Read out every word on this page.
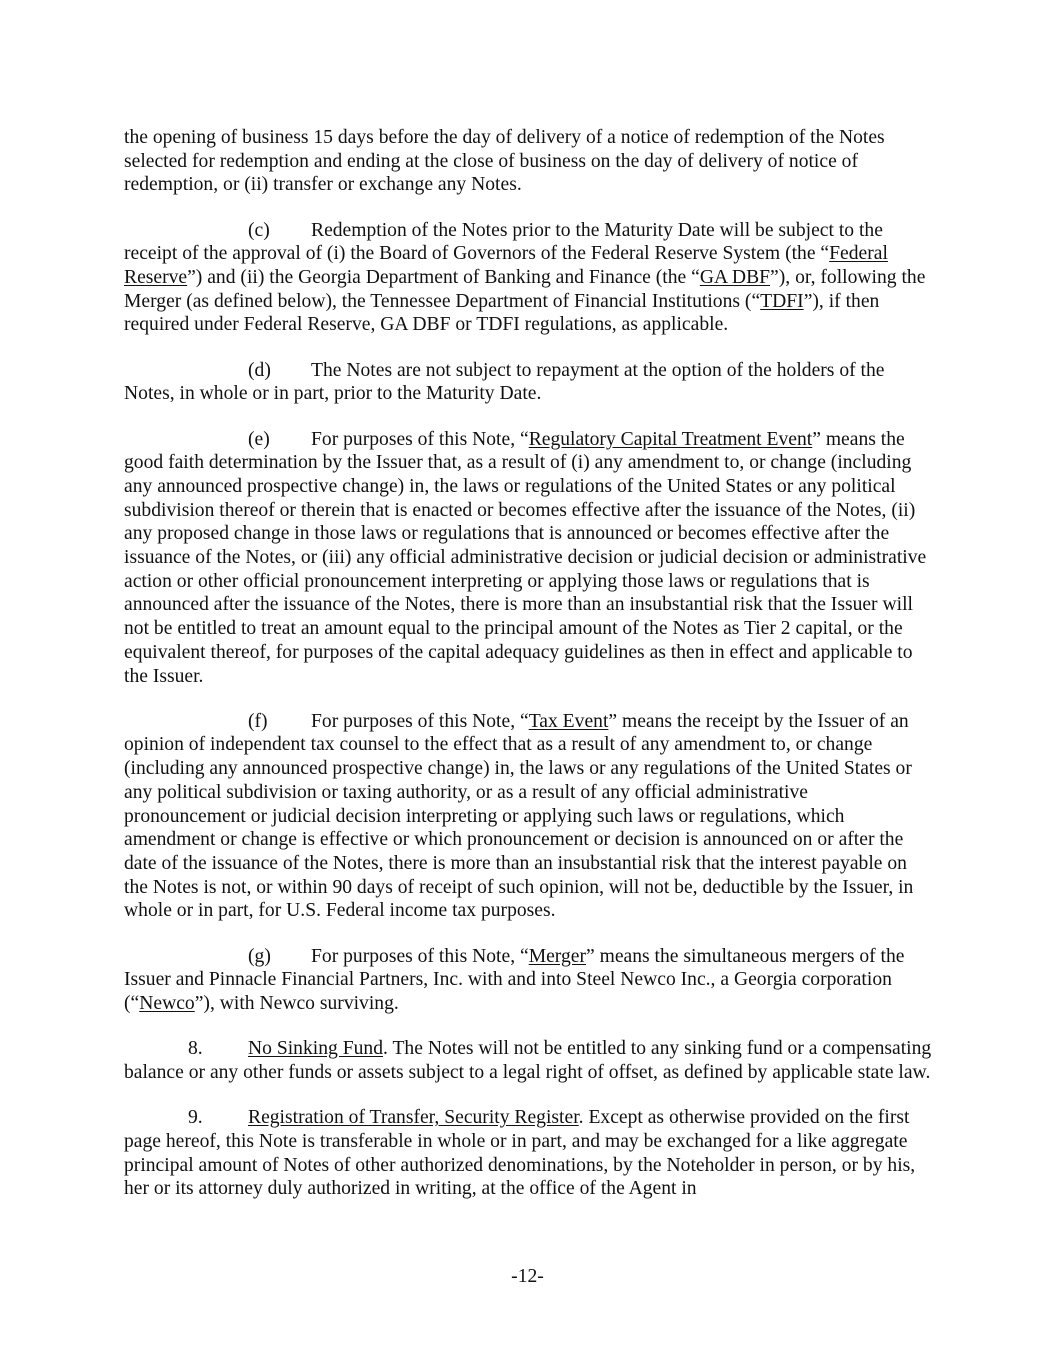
the opening of business 15 days before the day of delivery of a notice of redemption of the Notes selected for redemption and ending at the close of business on the day of delivery of notice of redemption, or (ii) transfer or exchange any Notes.

(c) Redemption of the Notes prior to the Maturity Date will be subject to the receipt of the approval of (i) the Board of Governors of the Federal Reserve System (the “Federal Reserve”) and (ii) the Georgia Department of Banking and Finance (the “GA DBF”), or, following the Merger (as defined below), the Tennessee Department of Financial Institutions (“TDFI”), if then required under Federal Reserve, GA DBF or TDFI regulations, as applicable.

(d) The Notes are not subject to repayment at the option of the holders of the Notes, in whole or in part, prior to the Maturity Date.

(e) For purposes of this Note, “Regulatory Capital Treatment Event” means the good faith determination by the Issuer that, as a result of (i) any amendment to, or change (including any announced prospective change) in, the laws or regulations of the United States or any political subdivision thereof or therein that is enacted or becomes effective after the issuance of the Notes, (ii) any proposed change in those laws or regulations that is announced or becomes effective after the issuance of the Notes, or (iii) any official administrative decision or judicial decision or administrative action or other official pronouncement interpreting or applying those laws or regulations that is announced after the issuance of the Notes, there is more than an insubstantial risk that the Issuer will not be entitled to treat an amount equal to the principal amount of the Notes as Tier 2 capital, or the equivalent thereof, for purposes of the capital adequacy guidelines as then in effect and applicable to the Issuer.

(f) For purposes of this Note, “Tax Event” means the receipt by the Issuer of an opinion of independent tax counsel to the effect that as a result of any amendment to, or change (including any announced prospective change) in, the laws or any regulations of the United States or any political subdivision or taxing authority, or as a result of any official administrative pronouncement or judicial decision interpreting or applying such laws or regulations, which amendment or change is effective or which pronouncement or decision is announced on or after the date of the issuance of the Notes, there is more than an insubstantial risk that the interest payable on the Notes is not, or within 90 days of receipt of such opinion, will not be, deductible by the Issuer, in whole or in part, for U.S. Federal income tax purposes.

(g) For purposes of this Note, “Merger” means the simultaneous mergers of the Issuer and Pinnacle Financial Partners, Inc. with and into Steel Newco Inc., a Georgia corporation (“Newco”), with Newco surviving.

8. No Sinking Fund. The Notes will not be entitled to any sinking fund or a compensating balance or any other funds or assets subject to a legal right of offset, as defined by applicable state law.

9. Registration of Transfer, Security Register. Except as otherwise provided on the first page hereof, this Note is transferable in whole or in part, and may be exchanged for a like aggregate principal amount of Notes of other authorized denominations, by the Noteholder in person, or by his, her or its attorney duly authorized in writing, at the office of the Agent in

-12-
